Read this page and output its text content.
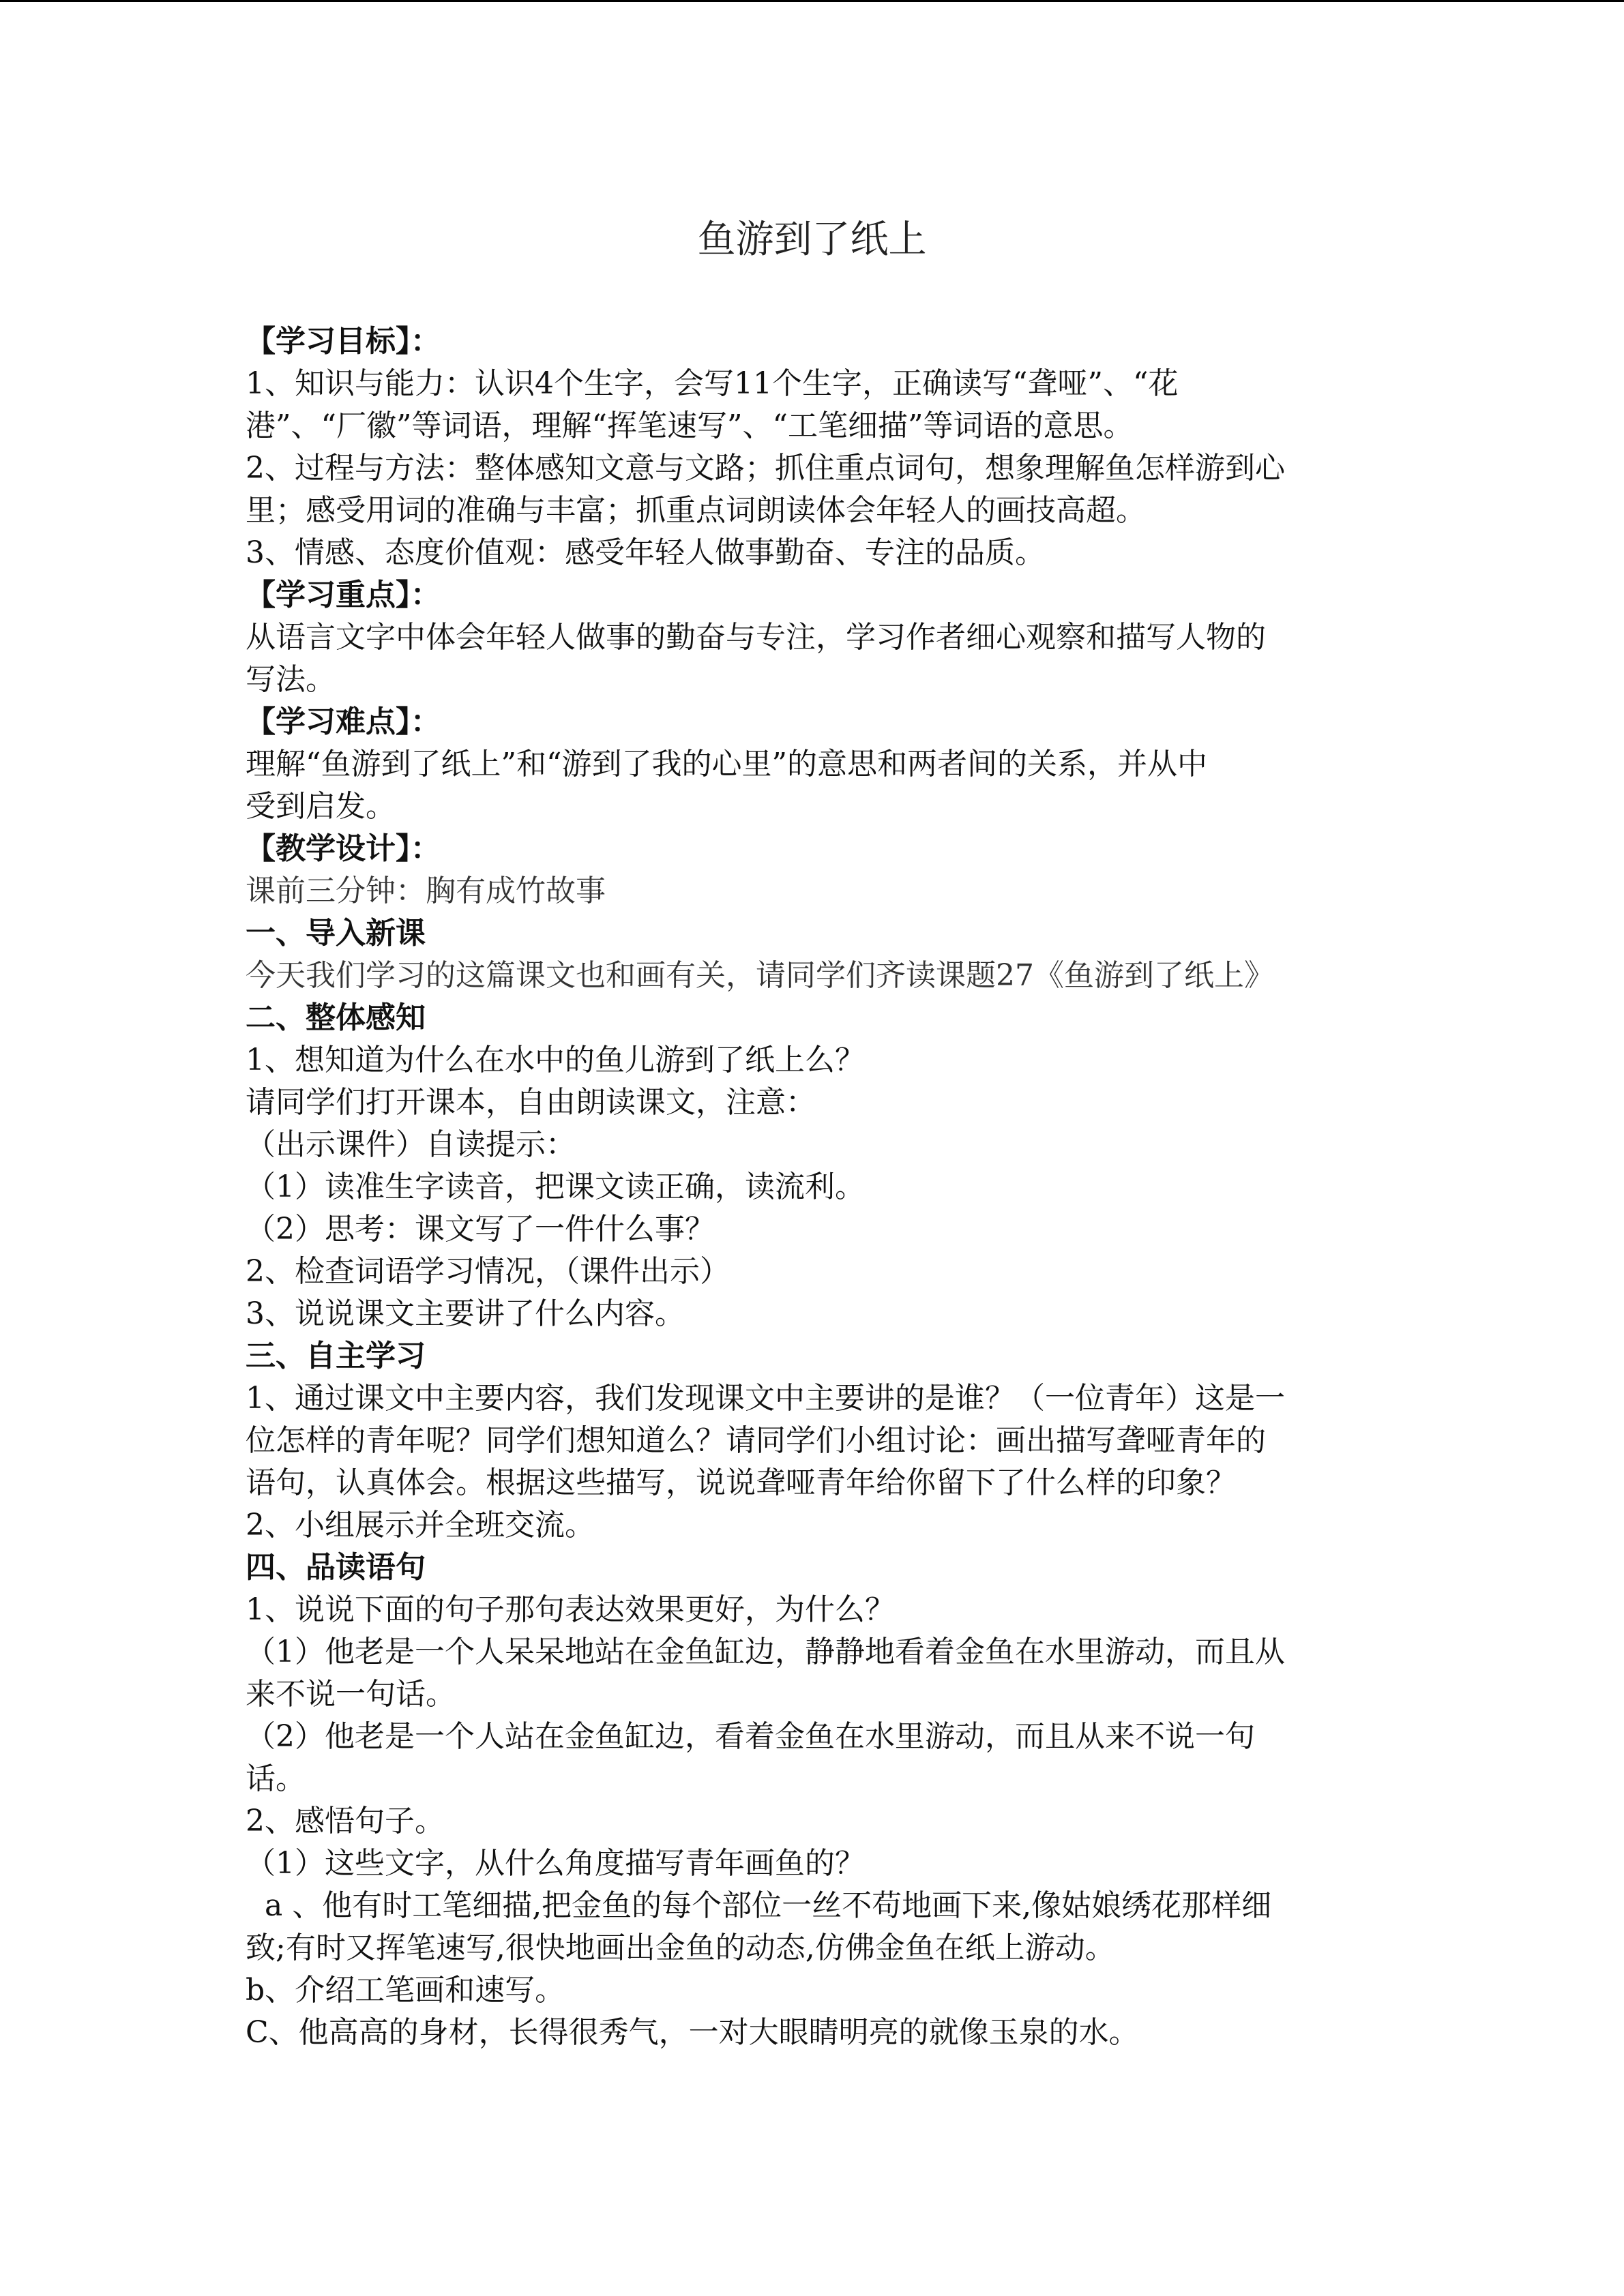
鱼游到了纸上

【学习目标】：

1、知识与能力：认识4个生字，会写11个生字，正确读写“聋哑”、“花

港”、“厂徽”等词语，理解“挥笔速写”、“工笔细描”等词语的意思。

2、过程与方法：整体感知文意与文路；抓住重点词句，想象理解鱼怎样游到心

里；感受用词的准确与丰富；抓重点词朗读体会年轻人的画技高超。

3、情感、态度价值观：感受年轻人做事勤奋、专注的品质。

【学习重点】：

从语言文字中体会年轻人做事的勤奋与专注，学习作者细心观察和描写人物的

写法。

【学习难点】：

理解“鱼游到了纸上”和“游到了我的心里”的意思和两者间的关系，并从中

受到启发。

【教学设计】：

课前三分钟：胸有成竹故事

一、导入新课

今天我们学习的这篇课文也和画有关，请同学们齐读课题27《鱼游到了纸上》

二、整体感知

1、想知道为什么在水中的鱼儿游到了纸上么？

请同学们打开课本，自由朗读课文，注意：

（出示课件）自读提示：

（1）读准生字读音，把课文读正确，读流利。

（2）思考：课文写了一件什么事？

2、检查词语学习情况，（课件出示）

3、说说课文主要讲了什么内容。

三、自主学习

1、通过课文中主要内容，我们发现课文中主要讲的是谁？（一位青年）这是一

位怎样的青年呢？同学们想知道么？请同学们小组讨论：画出描写聋哑青年的

语句，认真体会。根据这些描写，说说聋哑青年给你留下了什么样的印象？

2、小组展示并全班交流。

四、品读语句

1、说说下面的句子那句表达效果更好，为什么？

（1）他老是一个人呆呆地站在金鱼缸边，静静地看着金鱼在水里游动，而且从

来不说一句话。

（2）他老是一个人站在金鱼缸边，看着金鱼在水里游动，而且从来不说一句

话。

2、感悟句子。

（1）这些文字，从什么角度描写青年画鱼的？

a 、他有时工笔细描,把金鱼的每个部位一丝不苟地画下来,像姑娘绣花那样细

致;有时又挥笔速写,很快地画出金鱼的动态,仿佛金鱼在纸上游动。

b、介绍工笔画和速写。

C、他高高的身材，长得很秀气，一对大眼睛明亮的就像玉泉的水。
